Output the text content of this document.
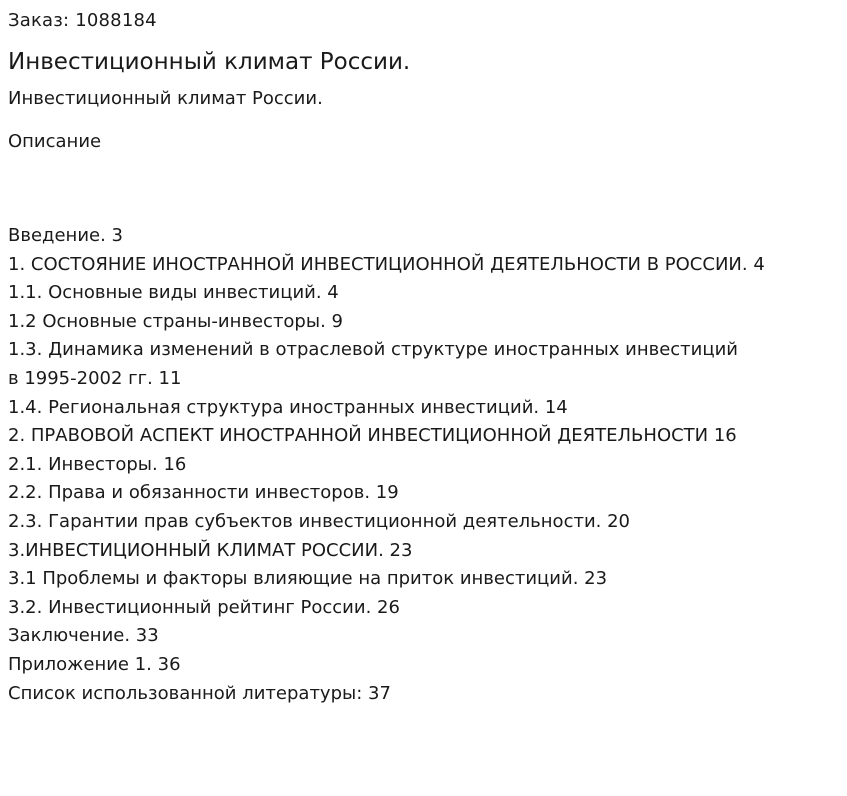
Заказ: 1088184
Инвестиционный климат России.
Инвестиционный климат России.
Описание
Введение. 3
1. СОСТОЯНИЕ ИНОСТРАННОЙ ИНВЕСТИЦИОННОЙ ДЕЯТЕЛЬНОСТИ В РОССИИ. 4
1.1. Основные виды инвестиций. 4
1.2 Основные страны-инвесторы. 9
1.3. Динамика изменений в отраслевой структуре иностранных инвестиций
в 1995-2002 гг. 11
1.4. Региональная структура иностранных инвестиций. 14
2. ПРАВОВОЙ АСПЕКТ ИНОСТРАННОЙ ИНВЕСТИЦИОННОЙ ДЕЯТЕЛЬНОСТИ 16
2.1. Инвесторы. 16
2.2. Права и обязанности инвесторов. 19
2.3. Гарантии прав субъектов инвестиционной деятельности. 20
3.ИНВЕСТИЦИОННЫЙ КЛИМАТ РОССИИ. 23
3.1 Проблемы и факторы влияющие на приток инвестиций. 23
3.2. Инвестиционный рейтинг России. 26
Заключение. 33
Приложение 1. 36
Список использованной литературы: 37
